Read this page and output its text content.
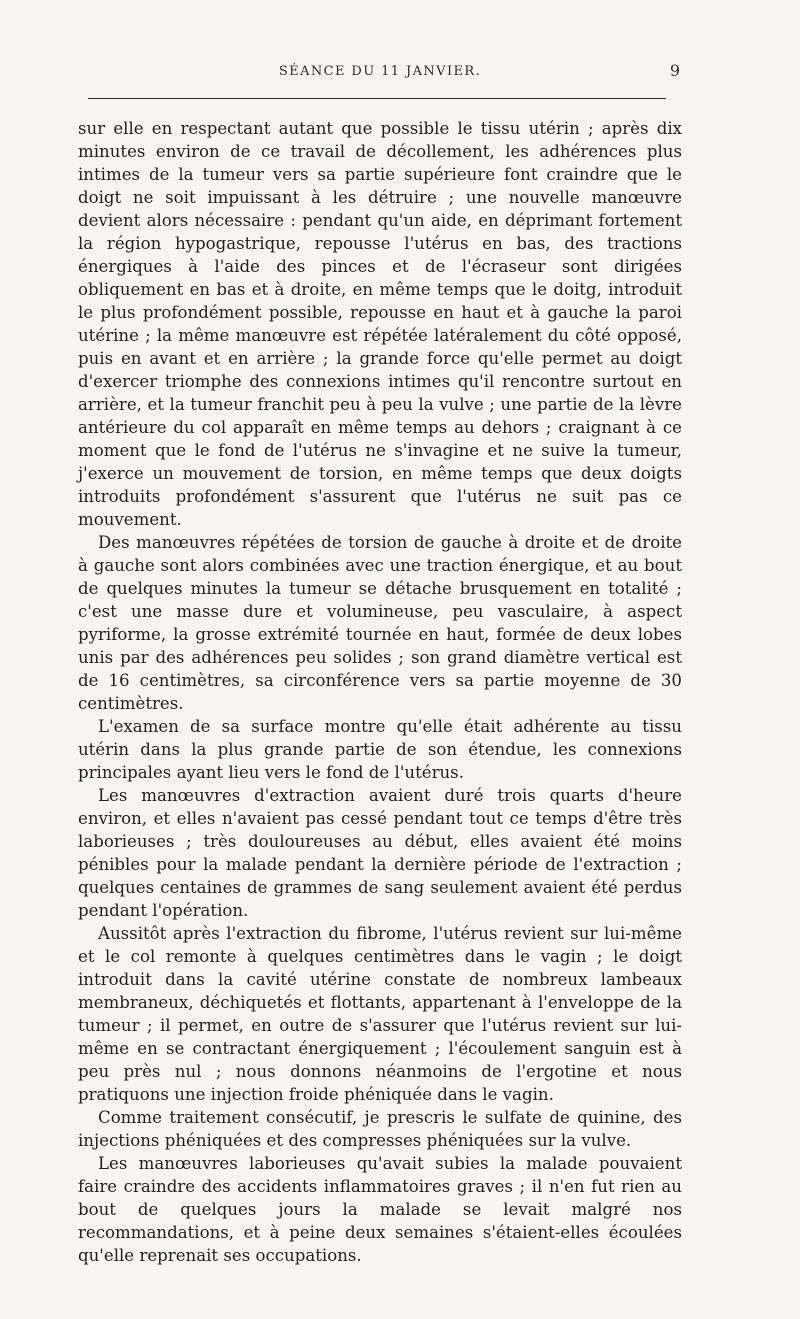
SÉANCE DU 11 JANVIER.	9

sur elle en respectant autant que possible le tissu utérin ; après dix minutes environ de ce travail de décollement, les adhérences plus intimes de la tumeur vers sa partie supérieure font craindre que le doigt ne soit impuissant à les détruire ; une nouvelle manœuvre devient alors nécessaire : pendant qu'un aide, en déprimant fortement la région hypogastrique, repousse l'utérus en bas, des tractions énergiques à l'aide des pinces et de l'écraseur sont dirigées obliquement en bas et à droite, en même temps que le doitg, introduit le plus profondément possible, repousse en haut et à gauche la paroi utérine ; la même manœuvre est répétée latéralement du côté opposé, puis en avant et en arrière ; la grande force qu'elle permet au doigt d'exercer triomphe des connexions intimes qu'il rencontre surtout en arrière, et la tumeur franchit peu à peu la vulve ; une partie de la lèvre antérieure du col apparaît en même temps au dehors ; craignant à ce moment que le fond de l'utérus ne s'invagine et ne suive la tumeur, j'exerce un mouvement de torsion, en même temps que deux doigts introduits profondément s'assurent que l'utérus ne suit pas ce mouvement.

Des manœuvres répétées de torsion de gauche à droite et de droite à gauche sont alors combinées avec une traction énergique, et au bout de quelques minutes la tumeur se détache brusquement en totalité ; c'est une masse dure et volumineuse, peu vasculaire, à aspect pyriforme, la grosse extrémité tournée en haut, formée de deux lobes unis par des adhérences peu solides ; son grand diamètre vertical est de 16 centimètres, sa circonférence vers sa partie moyenne de 30 centimètres.

L'examen de sa surface montre qu'elle était adhérente au tissu utérin dans la plus grande partie de son étendue, les connexions principales ayant lieu vers le fond de l'utérus.

Les manœuvres d'extraction avaient duré trois quarts d'heure environ, et elles n'avaient pas cessé pendant tout ce temps d'être très laborieuses ; très douloureuses au début, elles avaient été moins pénibles pour la malade pendant la dernière période de l'extraction ; quelques centaines de grammes de sang seulement avaient été perdus pendant l'opération.

Aussitôt après l'extraction du fibrome, l'utérus revient sur lui-même et le col remonte à quelques centimètres dans le vagin ; le doigt introduit dans la cavité utérine constate de nombreux lambeaux membraneux, déchiquetés et flottants, appartenant à l'enveloppe de la tumeur ; il permet, en outre de s'assurer que l'utérus revient sur lui-même en se contractant énergiquement ; l'écoulement sanguin est à peu près nul ; nous donnons néanmoins de l'ergotine et nous pratiquons une injection froide phéniquée dans le vagin.

Comme traitement consécutif, je prescris le sulfate de quinine, des injections phéniquées et des compresses phéniquées sur la vulve.

Les manœuvres laborieuses qu'avait subies la malade pouvaient faire craindre des accidents inflammatoires graves ; il n'en fut rien au bout de quelques jours la malade se levait malgré nos recommandations, et à peine deux semaines s'étaient-elles écoulées qu'elle reprenait ses occupations.
